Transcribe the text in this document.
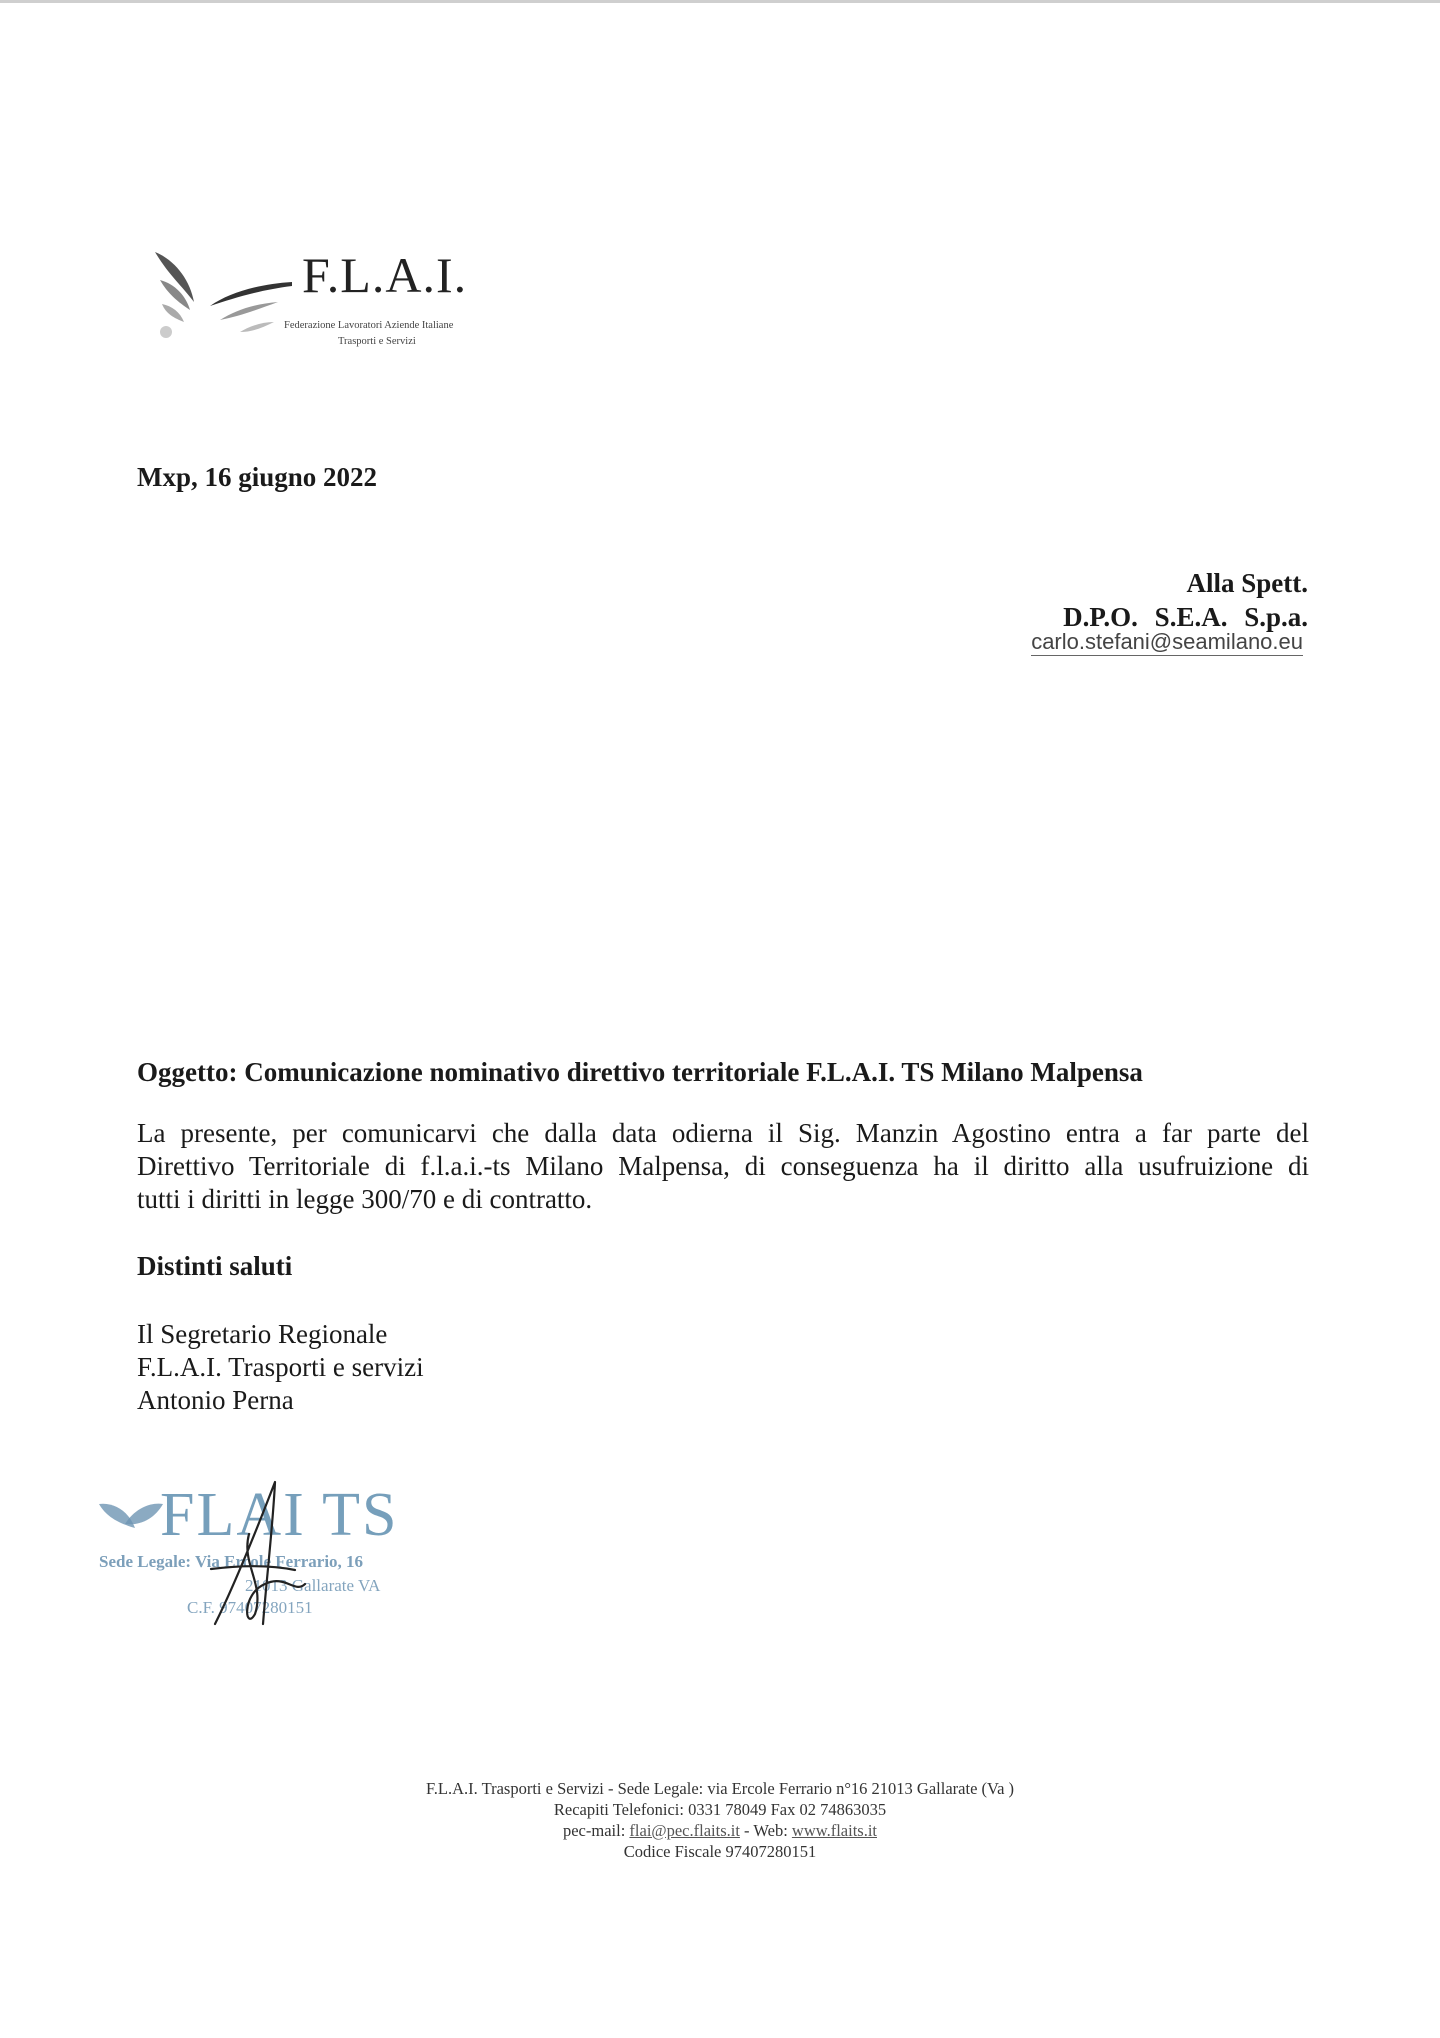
F.L.A.I.
Federazione Lavoratori Aziende Italiane
Trasporti e Servizi
Mxp, 16 giugno 2022
Alla Spett.
D.P.O. S.E.A. S.p.a.
carlo.stefani@seamilano.eu
Oggetto: Comunicazione nominativo direttivo territoriale F.L.A.I. TS Milano Malpensa
La presente, per comunicarvi che dalla data odierna il Sig. Manzin Agostino entra a far parte del
Direttivo Territoriale di f.l.a.i.-ts Milano Malpensa, di conseguenza ha il diritto alla usufruizione di
tutti i diritti in legge 300/70 e di contratto.
Distinti saluti
Il Segretario Regionale
F.L.A.I. Trasporti e servizi
Antonio Perna
FLAI TS
Sede Legale: Via Ercole Ferrario, 16
21013 Gallarate VA
C.F. 97407280151
F.L.A.I. Trasporti e Servizi - Sede Legale: via Ercole Ferrario n°16 21013 Gallarate (Va )
Recapiti Telefonici: 0331 78049 Fax 02 74863035
pec-mail: flai@pec.flaits.it - Web: www.flaits.it
Codice Fiscale 97407280151
